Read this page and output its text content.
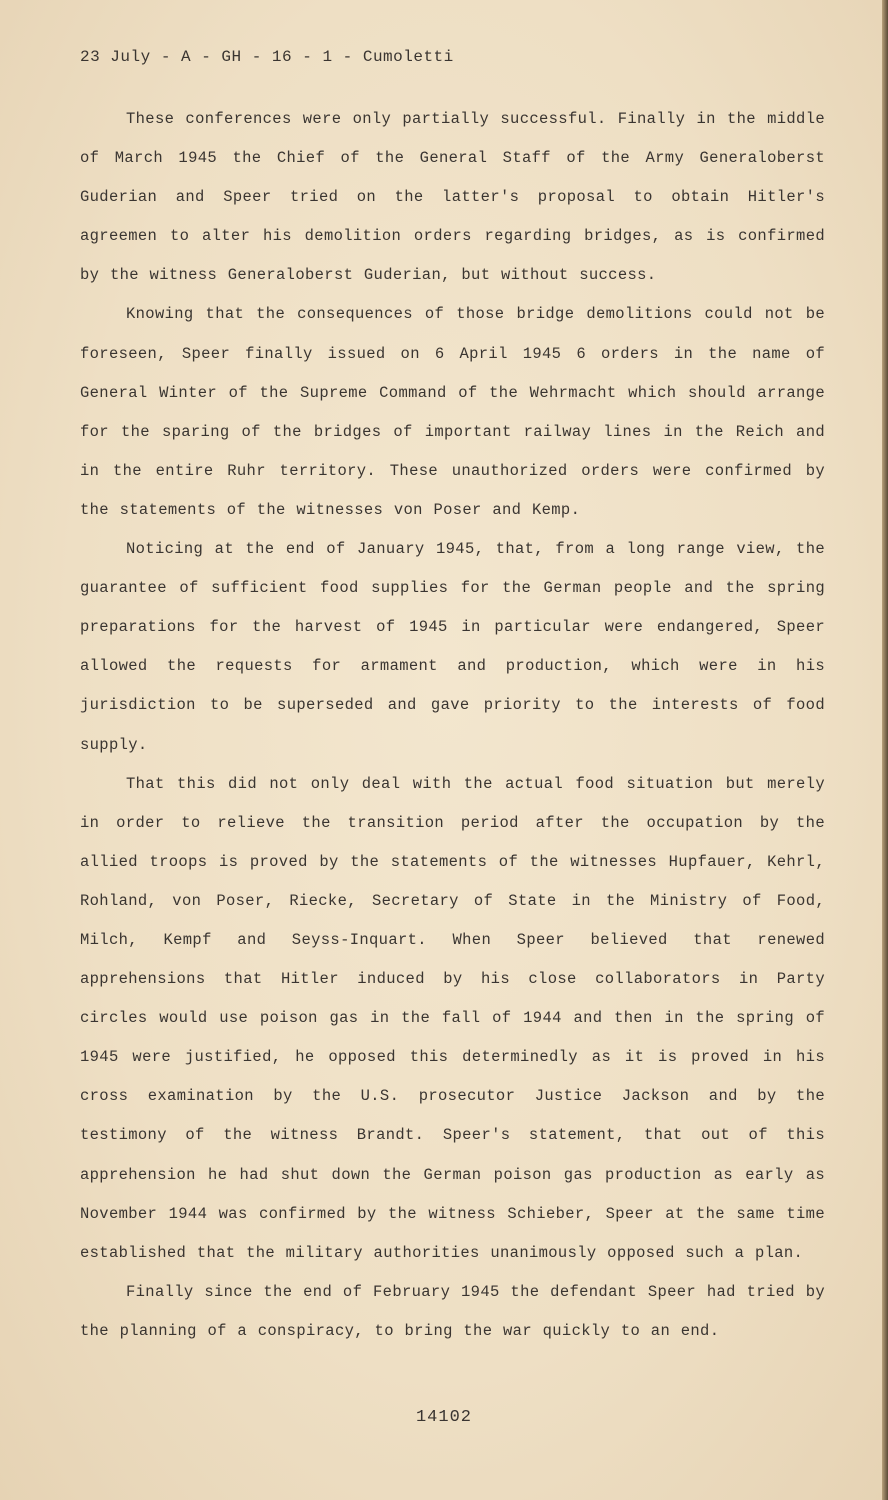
23 July - A - GH - 16 - 1 - Cumoletti

These conferences were only partially successful. Finally in the middle of March 1945 the Chief of the General Staff of the Army Generaloberst Guderian and Speer tried on the latter's proposal to obtain Hitler's agreemen to alter his demolition orders regarding bridges, as is confirmed by the witness Generaloberst Guderian, but without success.

Knowing that the consequences of those bridge demolitions could not be foreseen, Speer finally issued on 6 April 1945 6 orders in the name of General Winter of the Supreme Command of the Wehrmacht which should arrange for the sparing of the bridges of important railway lines in the Reich and in the entire Ruhr territory. These unauthorized orders were confirmed by the statements of the witnesses von Poser and Kemp.

Noticing at the end of January 1945, that, from a long range view, the guarantee of sufficient food supplies for the German people and the spring preparations for the harvest of 1945 in particular were endangered, Speer allowed the requests for armament and production, which were in his jurisdiction to be superseded and gave priority to the interests of food supply.

That this did not only deal with the actual food situation but merely in order to relieve the transition period after the occupation by the allied troops is proved by the statements of the witnesses Hupfauer, Kehrl, Rohland, von Poser, Riecke, Secretary of State in the Ministry of Food, Milch, Kempf and Seyss-Inquart. When Speer believed that renewed apprehensions that Hitler induced by his close collaborators in Party circles would use poison gas in the fall of 1944 and then in the spring of 1945 were justified, he opposed this determinedly as it is proved in his cross examination by the U.S. prosecutor Justice Jackson and by the testimony of the witness Brandt. Speer's statement, that out of this apprehension he had shut down the German poison gas production as early as November 1944 was confirmed by the witness Schieber, Speer at the same time established that the military authorities unanimously opposed such a plan.

Finally since the end of February 1945 the defendant Speer had tried by the planning of a conspiracy, to bring the war quickly to an end.

14102
